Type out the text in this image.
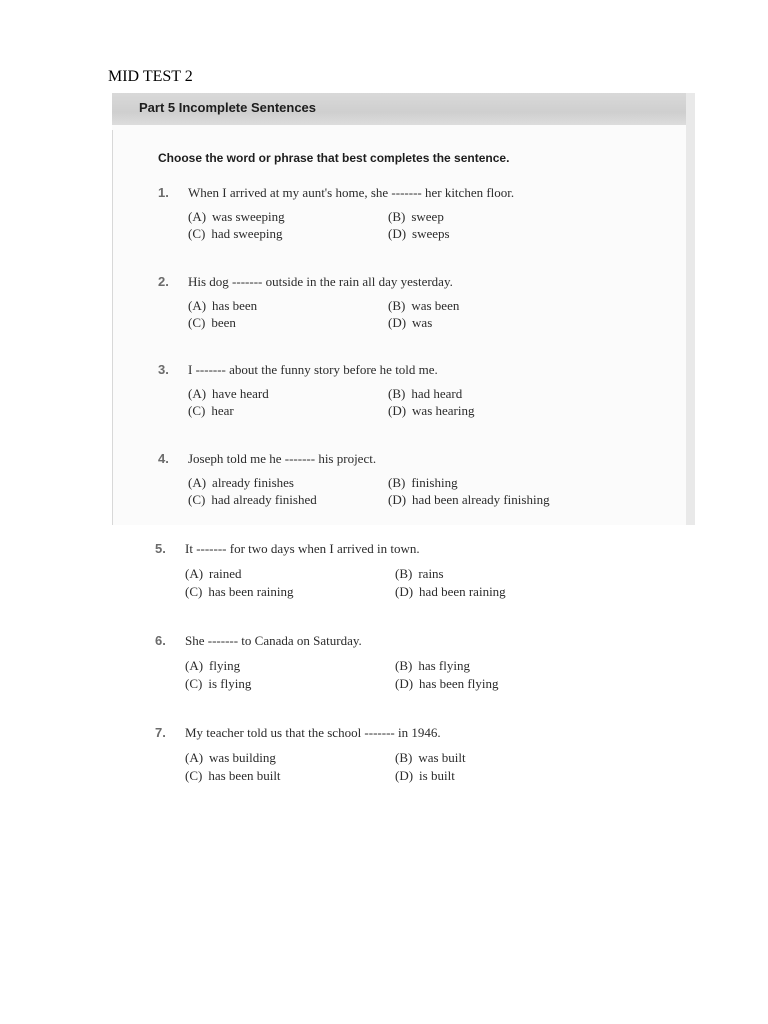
MID TEST 2
Part 5 Incomplete Sentences
Choose the word or phrase that best completes the sentence.
1. When I arrived at my aunt's home, she ------- her kitchen floor.
(A) was sweeping	(B) sweep
(C) had sweeping	(D) sweeps
2. His dog ------- outside in the rain all day yesterday.
(A) has been	(B) was been
(C) been	(D) was
3. I ------- about the funny story before he told me.
(A) have heard	(B) had heard
(C) hear	(D) was hearing
4. Joseph told me he ------- his project.
(A) already finishes	(B) finishing
(C) had already finished	(D) had been already finishing
5. It ------- for two days when I arrived in town.
(A) rained	(B) rains
(C) has been raining	(D) had been raining
6. She ------- to Canada on Saturday.
(A) flying	(B) has flying
(C) is flying	(D) has been flying
7. My teacher told us that the school ------- in 1946.
(A) was building	(B) was built
(C) has been built	(D) is built
